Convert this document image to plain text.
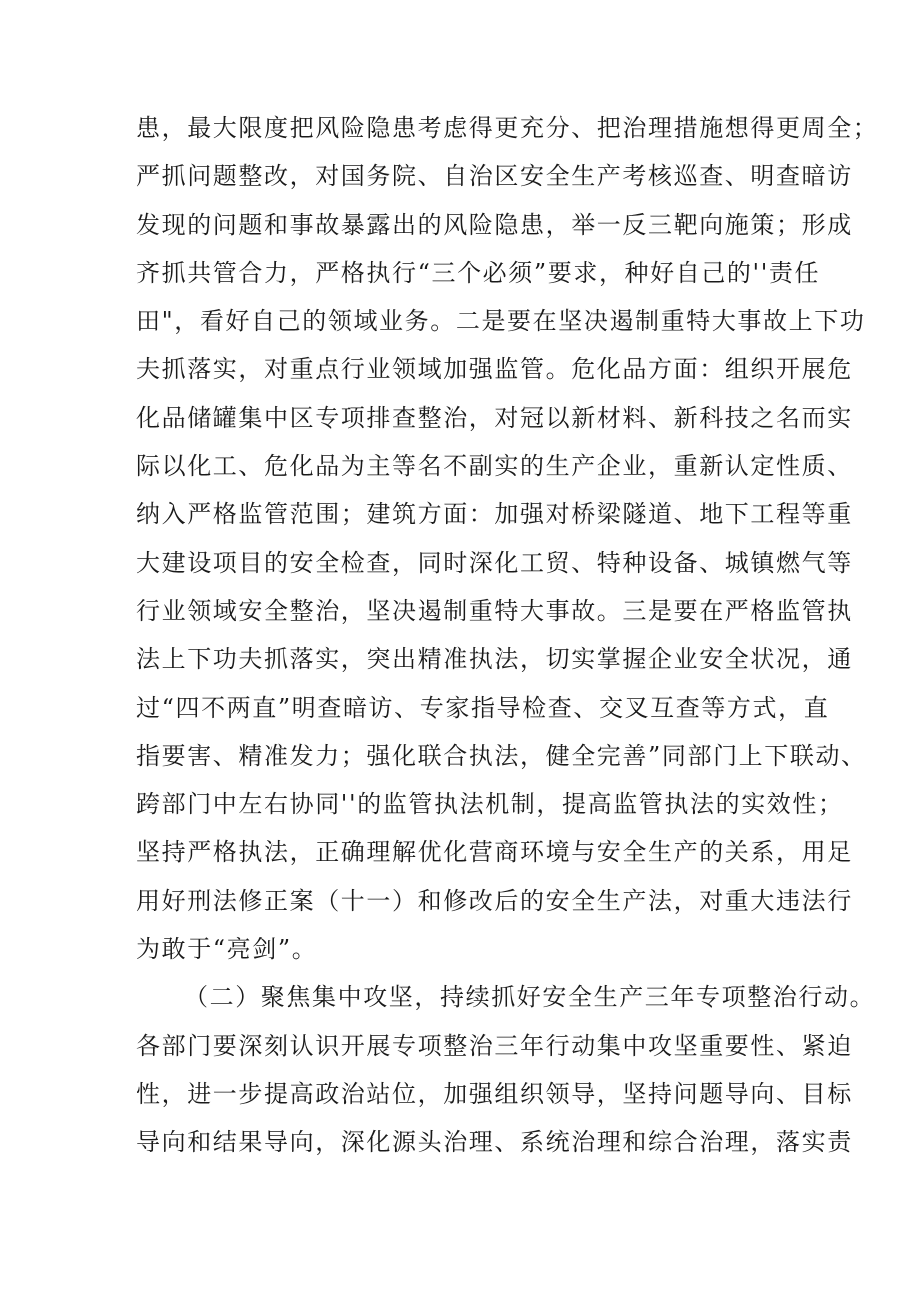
患，最大限度把风险隐患考虑得更充分、把治理措施想得更周全；
严抓问题整改，对国务院、自治区安全生产考核巡查、明查暗访
发现的问题和事故暴露出的风险隐患，举一反三靶向施策；形成
齐抓共管合力，严格执行“三个必须”要求，种好自己的''责任
田"，看好自己的领域业务。二是要在坚决遏制重特大事故上下功
夫抓落实，对重点行业领域加强监管。危化品方面：组织开展危
化品储罐集中区专项排查整治，对冠以新材料、新科技之名而实
际以化工、危化品为主等名不副实的生产企业，重新认定性质、
纳入严格监管范围；建筑方面：加强对桥梁隧道、地下工程等重
大建设项目的安全检查，同时深化工贸、特种设备、城镇燃气等
行业领域安全整治，坚决遏制重特大事故。三是要在严格监管执
法上下功夫抓落实，突出精准执法，切实掌握企业安全状况，通
过“四不两直”明查暗访、专家指导检查、交叉互查等方式，直
指要害、精准发力；强化联合执法，健全完善”同部门上下联动、
跨部门中左右协同''的监管执法机制，提高监管执法的实效性；
坚持严格执法，正确理解优化营商环境与安全生产的关系，用足
用好刑法修正案（十一）和修改后的安全生产法，对重大违法行
为敢于“亮剑”。
（二）聚焦集中攻坚，持续抓好安全生产三年专项整治行动。
各部门要深刻认识开展专项整治三年行动集中攻坚重要性、紧迫
性，进一步提高政治站位，加强组织领导，坚持问题导向、目标
导向和结果导向，深化源头治理、系统治理和综合治理，落实责
